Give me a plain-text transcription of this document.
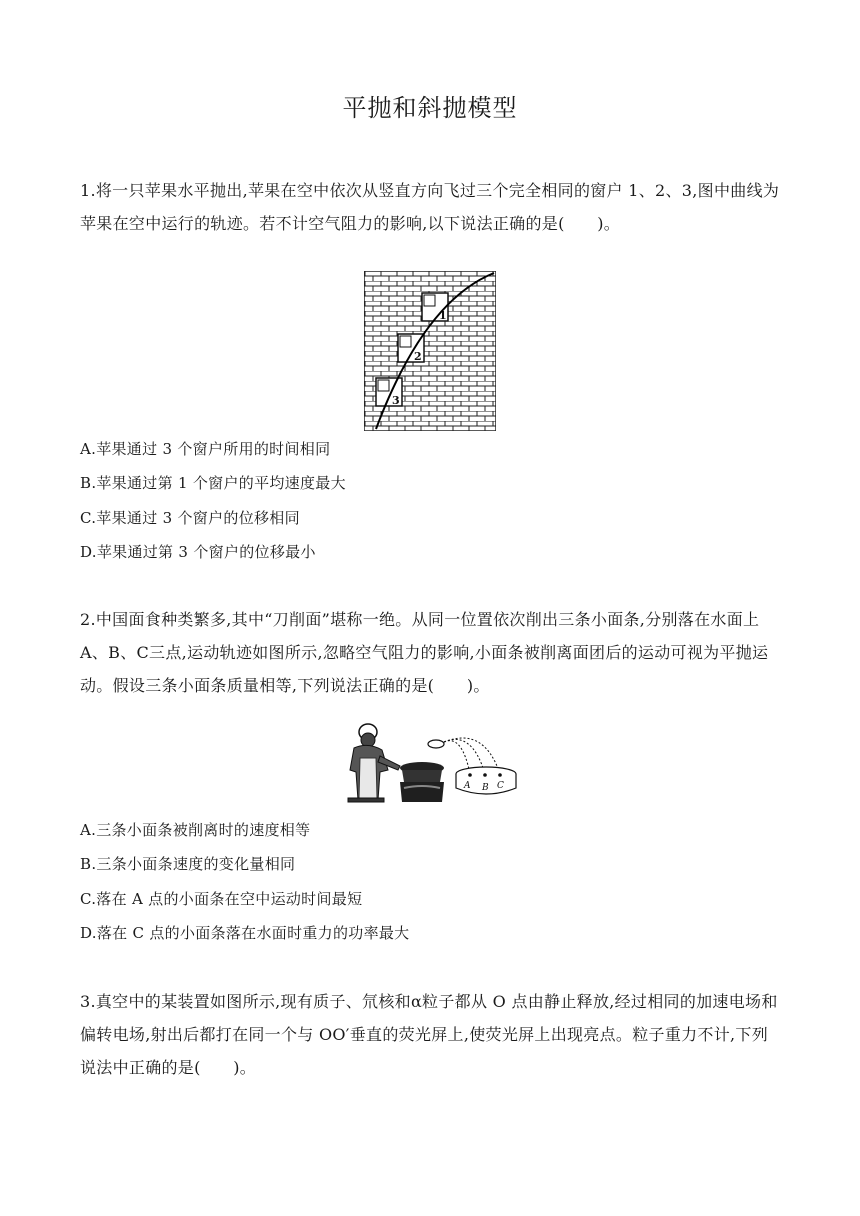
平抛和斜抛模型
1.将一只苹果水平抛出,苹果在空中依次从竖直方向飞过三个完全相同的窗户 1、2、3,图中曲线为苹果在空中运行的轨迹。若不计空气阻力的影响,以下说法正确的是(　　)。
1
2
3
A.苹果通过 3 个窗户所用的时间相同
B.苹果通过第 1 个窗户的平均速度最大
C.苹果通过 3 个窗户的位移相同
D.苹果通过第 3 个窗户的位移最小
2.中国面食种类繁多,其中“刀削面”堪称一绝。从同一位置依次削出三条小面条,分别落在水面上 A、B、C三点,运动轨迹如图所示,忽略空气阻力的影响,小面条被削离面团后的运动可视为平抛运动。假设三条小面条质量相等,下列说法正确的是(　　)。
A B C
A.三条小面条被削离时的速度相等
B.三条小面条速度的变化量相同
C.落在 A 点的小面条在空中运动时间最短
D.落在 C 点的小面条落在水面时重力的功率最大
3.真空中的某装置如图所示,现有质子、氘核和α粒子都从 O 点由静止释放,经过相同的加速电场和偏转电场,射出后都打在同一个与 OO′垂直的荧光屏上,使荧光屏上出现亮点。粒子重力不计,下列说法中正确的是(　　)。
